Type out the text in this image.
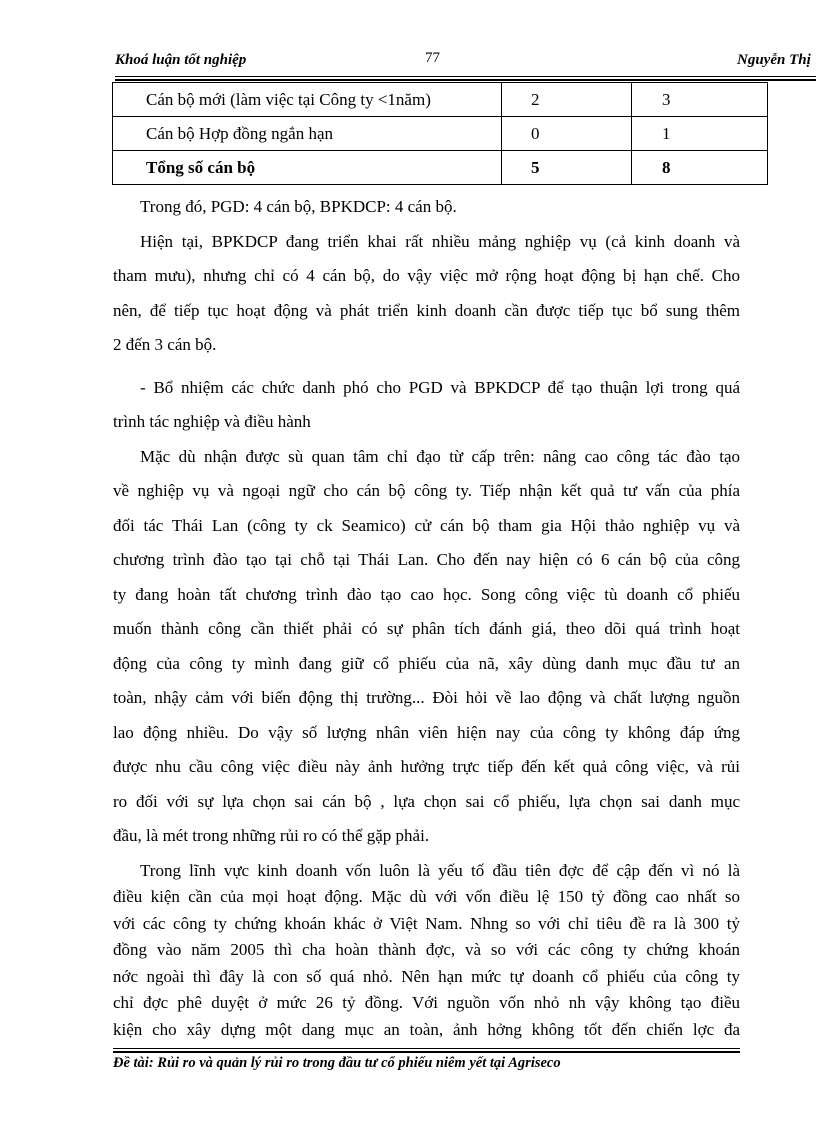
Khoá luận tốt nghiệp	77	Nguyễn Thị
Cán bộ mới (làm việc tại Công ty <1năm)	2	3
Cán bộ Hợp đồng ngắn hạn	0	1
Tổng số cán bộ	5	8
Trong đó, PGD: 4 cán bộ, BPKDCP: 4 cán bộ.
Hiện tại, BPKDCP đang triển khai rất nhiều mảng nghiệp vụ (cả kinh doanh và
tham mưu), nhưng chỉ có 4 cán bộ, do vậy việc mở rộng hoạt động bị hạn chế. Cho
nên, để tiếp tục hoạt động và phát triển kinh doanh cần được tiếp tục bổ sung thêm
2 đến 3 cán bộ.
- Bổ nhiệm các chức danh phó cho PGD và BPKDCP để tạo thuận lợi trong quá
trình tác nghiệp và điều hành
Mặc dù nhận được sù quan tâm chỉ đạo từ cấp trên: nâng cao công tác đào tạo
về nghiệp vụ và ngoại ngữ cho cán bộ công ty. Tiếp nhận kết quả tư vấn của phía
đối tác Thái Lan (công ty ck Seamico) cử cán bộ tham gia Hội thảo nghiệp vụ và
chương trình đào tạo tại chỗ tại Thái Lan. Cho đến nay hiện có 6 cán bộ của công
ty đang hoàn tất chương trình đào tạo cao học. Song công việc tù doanh cổ phiếu
muốn thành công cần thiết phải có sự phân tích đánh giá, theo dõi quá trình hoạt
động của công ty mình đang giữ cổ phiếu của nã, xây dùng danh mục đầu tư an
toàn, nhậy cảm với biến động thị trường... Đòi hỏi về lao động và chất lượng nguồn
lao động nhiều. Do vậy số lượng nhân viên hiện nay của công ty không đáp ứng
được nhu cầu công việc điều này ảnh hưởng trực tiếp đến kết quả công việc, và rủi
ro đối với sự lựa chọn sai cán bộ , lựa chọn sai cổ phiếu, lựa chọn sai danh mục
đầu, là mét trong những rủi ro có thể gặp phải.
Trong lĩnh vực kinh doanh vốn luôn là yếu tố đầu tiên đợc để cập đến vì nó là
điều kiện cần của mọi hoạt động. Mặc dù với vốn điều lệ 150 tỷ đồng cao nhất so
với các công ty chứng khoán khác ở Việt Nam. Nhng so với chỉ tiêu đề ra là 300 tỷ
đồng vào năm 2005 thì cha hoàn thành đợc, và so với các công ty chứng khoán
nớc ngoài thì đây là con số quá nhỏ. Nên hạn mức tự doanh cổ phiếu của công ty
chỉ đợc phê duyệt ở mức 26 tỷ đồng. Với nguồn vốn nhỏ nh vậy không tạo điều
kiện cho xây dựng một dang mục an toàn, ảnh hởng không tốt đến chiến lợc đa
Đề tài: Rủi ro và quản lý rủi ro trong đầu tư cổ phiếu niêm yết tại Agriseco
